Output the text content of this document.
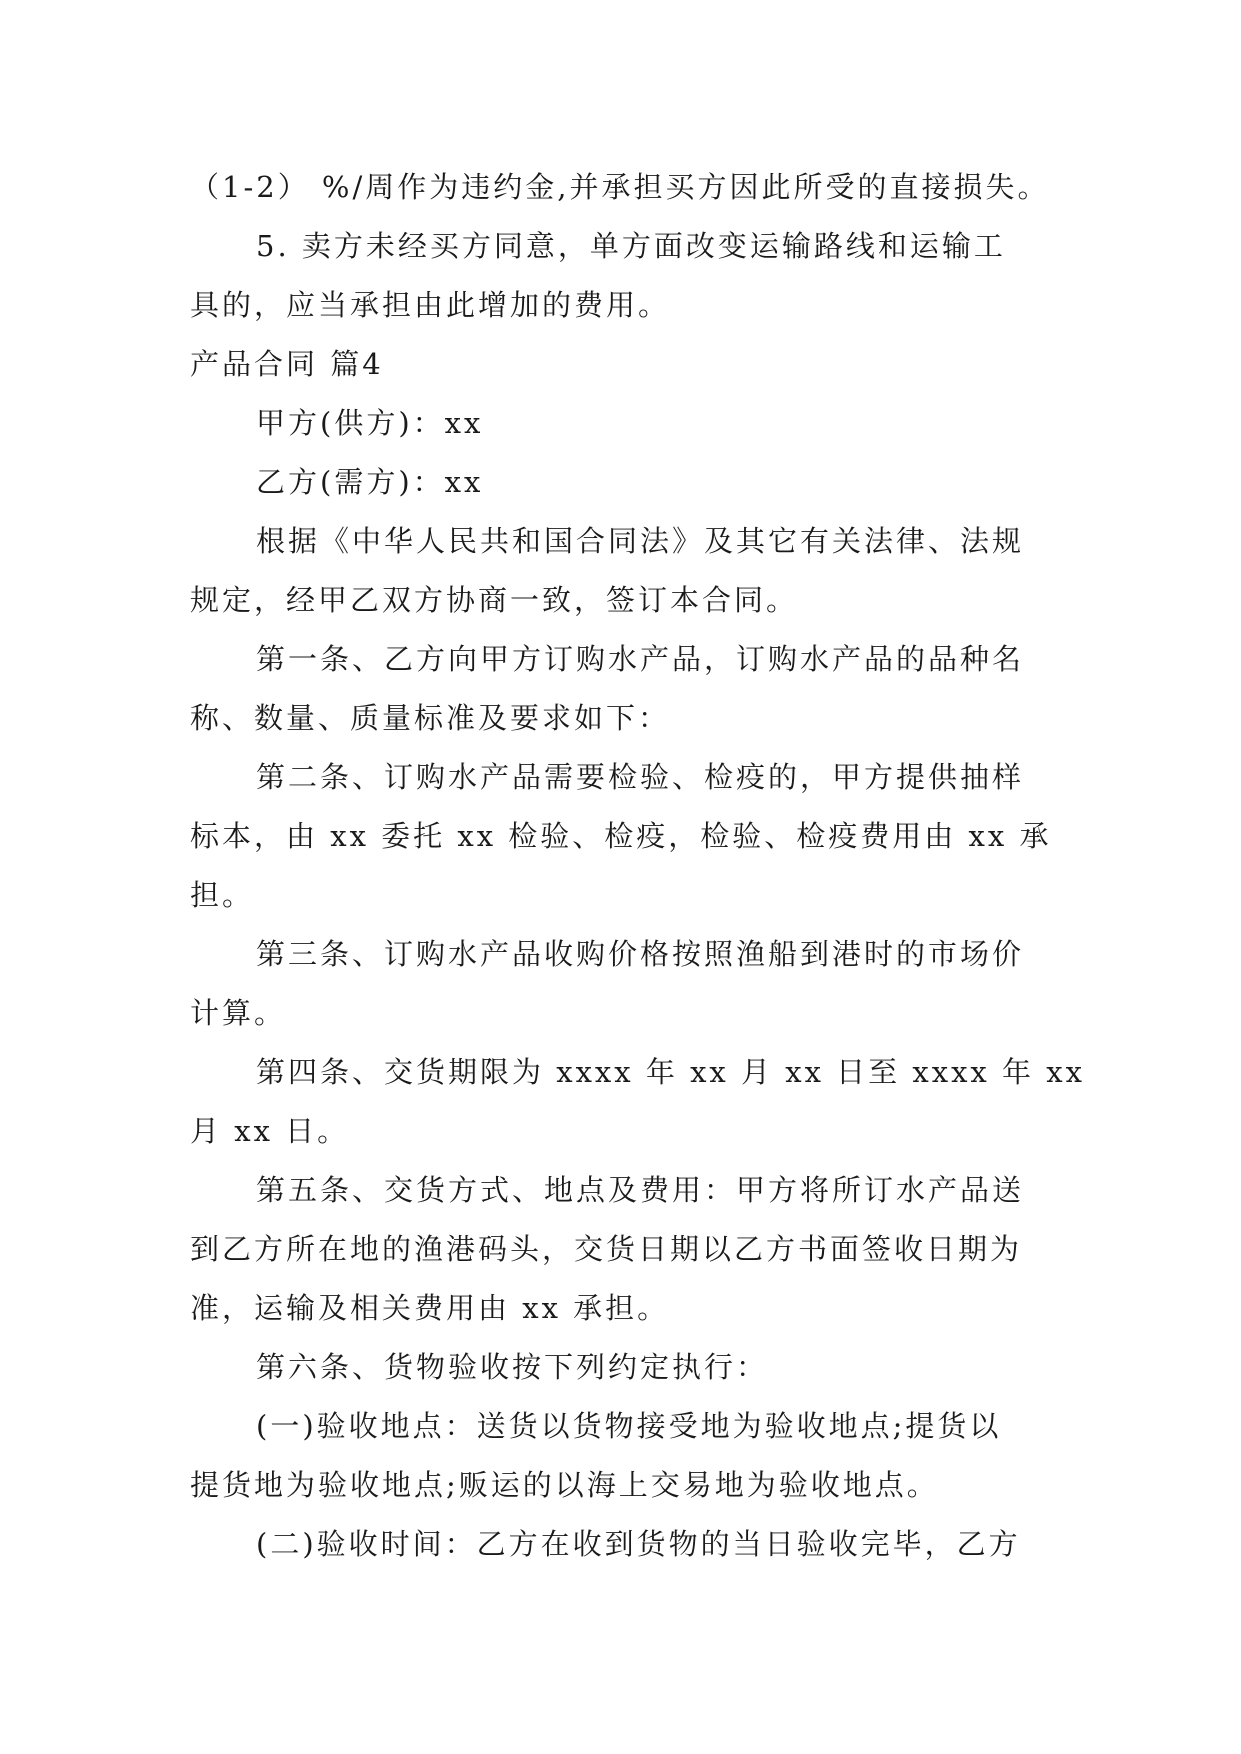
（1-2） %/周作为违约金,并承担买方因此所受的直接损失。
5. 卖方未经买方同意，单方面改变运输路线和运输工
具的，应当承担由此增加的费用。
产品合同 篇4
甲方(供方)：xx
乙方(需方)：xx
根据《中华人民共和国合同法》及其它有关法律、法规
规定，经甲乙双方协商一致，签订本合同。
第一条、乙方向甲方订购水产品，订购水产品的品种名
称、数量、质量标准及要求如下：
第二条、订购水产品需要检验、检疫的，甲方提供抽样
标本，由 xx 委托 xx 检验、检疫，检验、检疫费用由 xx 承
担。
第三条、订购水产品收购价格按照渔船到港时的市场价
计算。
第四条、交货期限为 xxxx 年 xx 月 xx 日至 xxxx 年 xx
月 xx 日。
第五条、交货方式、地点及费用：甲方将所订水产品送
到乙方所在地的渔港码头，交货日期以乙方书面签收日期为
准，运输及相关费用由 xx 承担。
第六条、货物验收按下列约定执行：
(一)验收地点：送货以货物接受地为验收地点;提货以
提货地为验收地点;贩运的以海上交易地为验收地点。
(二)验收时间：乙方在收到货物的当日验收完毕，乙方
